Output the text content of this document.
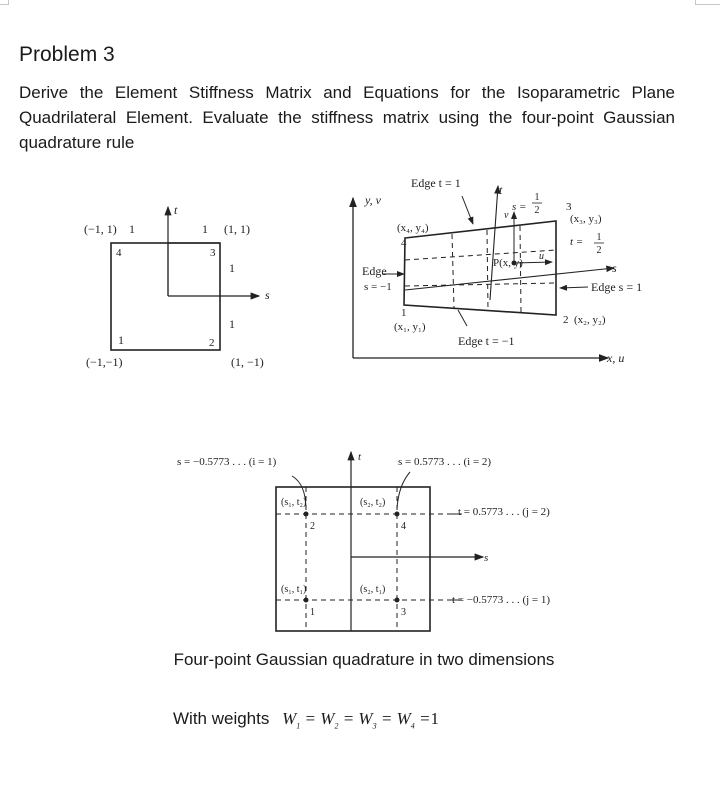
Problem 3

Derive the Element Stiffness Matrix and Equations for the Isoparametric Plane Quadrilateral Element. Evaluate the stiffness matrix using the four-point Gaussian quadrature rule

t
s
(−1, 1) 1	1 (1, 1)
1
1
1
(−1,−1)	(1, −1)
4	3
2
y, v
x, u
Edge t = 1	t
Edge
s = −1	Edge s = 1
s
Edge t = −1
(x₄, y₄)
4
1
(x₁, y₁)
3
(x₃, y₃)
2 (x₂, y₂)
P(x, y)
v
u
s =
t =
1
2
1
2
s = −0.5773 . . . (i = 1)	s = 0.5773 . . . (i = 2)
t
s
t = 0.5773 . . . (j = 2)
t = −0.5773 . . . (j = 1)
(s₁, t₂)	(s₂, t₂)
(s₁, t₁)	(s₂, t₁)
2	4
1	3
Four-point Gaussian quadrature in two dimensions
With weights $W_1 = W_2 = W_3 = W_4 =1$
